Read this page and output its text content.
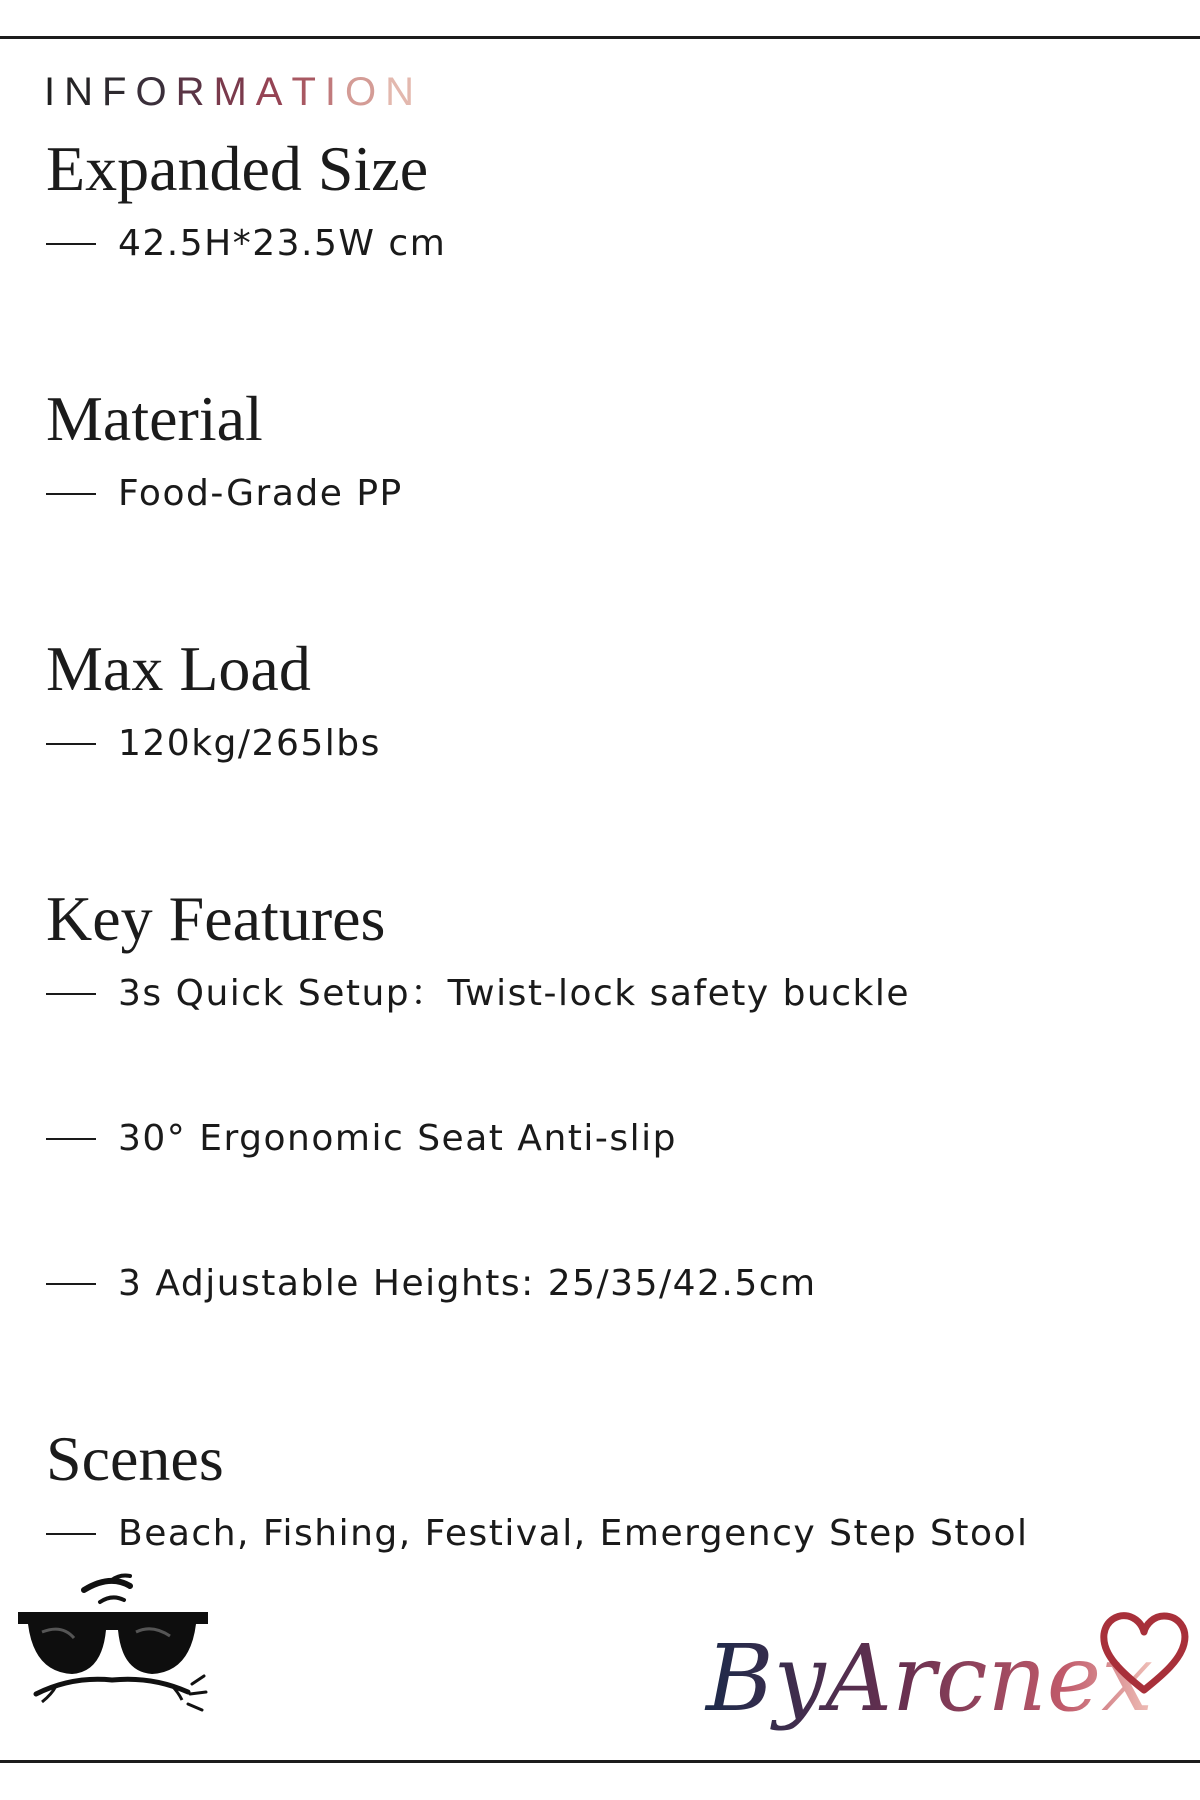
INFORMATION

Expanded Size

42.5H*23.5W cm

Material

Food-Grade PP

Max Load

120kg/265lbs

Key Features

3s Quick Setup：Twist-lock safety buckle

30° Ergonomic Seat Anti-slip

3 Adjustable Heights: 25/35/42.5cm

Scenes

Beach, Fishing, Festival, Emergency Step Stool

ByArcnex
